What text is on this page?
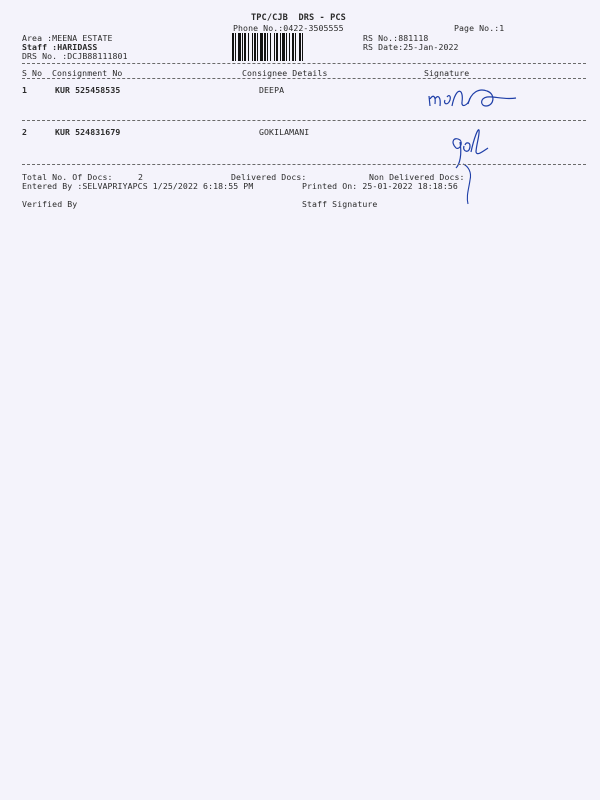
TPC/CJB  DRS - PCS
Phone No.:0422-3505555	Page No.:1
Area :MEENA ESTATE
Staff :HARIDASS
DRS No. :DCJB88111801
RS No.:881118
RS Date:25-Jan-2022
S No Consignment No	Consignee Details	Signature
1	KUR 525458535	DEEPA
2	KUR 524831679	GOKILAMANI
Total No. Of Docs:	2	Delivered Docs:	Non Delivered Docs:
Entered By :SELVAPRIYAPCS 1/25/2022 6:18:55 PM	Printed On: 25-01-2022 18:18:56
Verified By	Staff Signature
